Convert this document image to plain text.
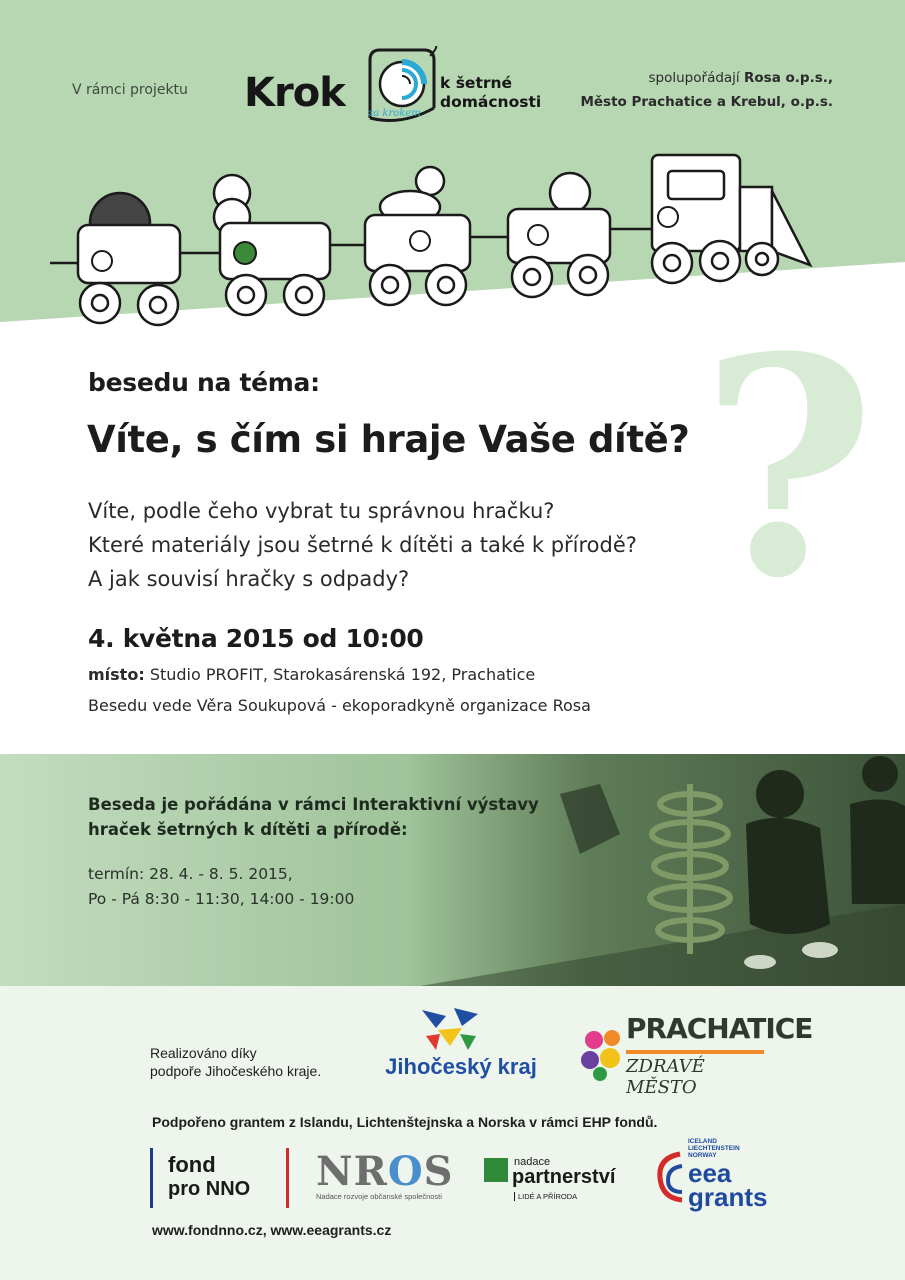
V rámci projektu Krok za krokem
k šetrné
domácnosti
spolupořádají Rosa o.p.s.,
Město Prachatice a Krebul, o.p.s.
?
besedu na téma:
Víte, s čím si hraje Vaše dítě?
Víte, podle čeho vybrat tu správnou hračku?
Které materiály jsou šetrné k dítěti a také k přírodě?
A jak souvisí hračky s odpady?
4. května 2015 od 10:00
místo: Studio PROFIT, Starokasárenská 192, Prachatice
Besedu vede Věra Soukupová - ekoporadkyně organizace Rosa
Beseda je pořádána v rámci Interaktivní výstavy
hraček šetrných k dítěti a přírodě:
termín: 28. 4. - 8. 5. 2015,
Po - Pá 8:30 - 11:30, 14:00 - 19:00
Realizováno díky
podpoře Jihočeského kraje.	Jihočeský kraj
PRACHATICE
ZDRAVÉ MĚSTO
Podpořeno grantem z Islandu, Lichtenštejnska a Norska v rámci EHP fondů.
fond
pro NNO NROS
Nadace rozvoje občanské společnosti
nadace
partnerství
LIDÉ A PŘÍRODA
ICELAND
LIECHTENSTEIN
NORWAY
eea
grants
www.fondnno.cz, www.eeagrants.cz
